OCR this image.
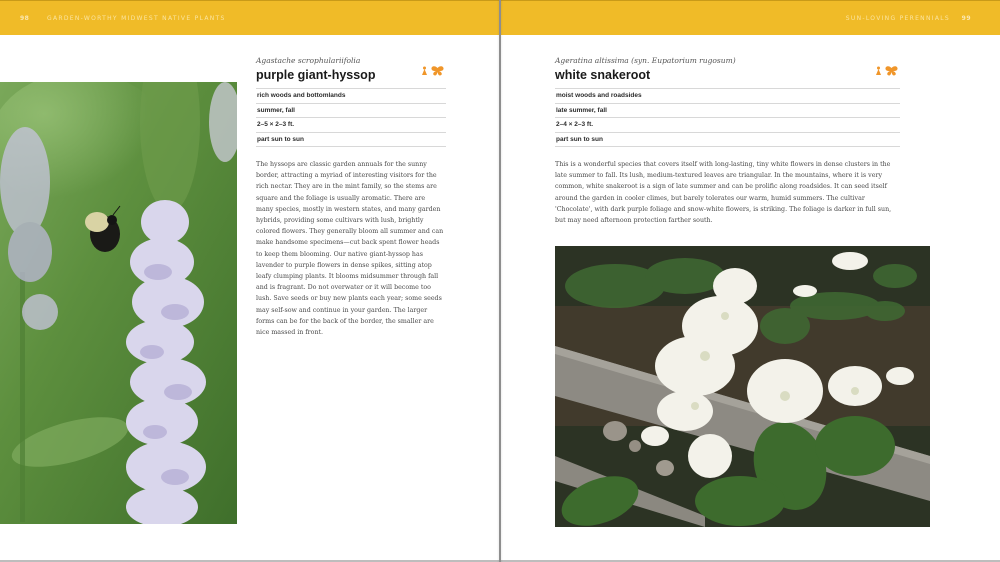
98	GARDEN-WORTHY MIDWEST NATIVE PLANTS

Agastache scrophulariifolia

purple giant-hyssop
rich woods and bottomlands
summer, fall
2–5 × 2–3 ft.
part sun to sun

The hyssops are classic garden annuals for the sunny border, attracting a myriad of interesting visitors for the rich nectar. They are in the mint family, so the stems are square and the foliage is usually aromatic. There are many species, mostly in western states, and many garden hybrids, providing some cultivars with lush, brightly colored flowers. They generally bloom all summer and can make handsome specimens—cut back spent flower heads to keep them blooming. Our native giant-hyssop has lavender to purple flowers in dense spikes, sitting atop leafy clumping plants. It blooms midsummer through fall and is fragrant. Do not overwater or it will become too lush. Save seeds or buy new plants each year; some seeds may self-sow and continue in your garden. The larger forms can be for the back of the border, the smaller are nice massed in front.

SUN-LOVING PERENNIALS 99

Ageratina altissima (syn. Eupatorium rugosum)

white snakeroot
moist woods and roadsides
late summer, fall
2–4 × 2–3 ft.
part sun to sun

This is a wonderful species that covers itself with long-lasting, tiny white flowers in dense clusters in the late summer to fall. Its lush, medium-textured leaves are triangular. In the mountains, where it is very common, white snakeroot is a sign of late summer and can be prolific along roadsides. It can seed itself around the garden in cooler climes, but barely tolerates our warm, humid summers. The cultivar 'Chocolate', with dark purple foliage and snow-white flowers, is striking. The foliage is darker in full sun, but may need afternoon protection farther south.
